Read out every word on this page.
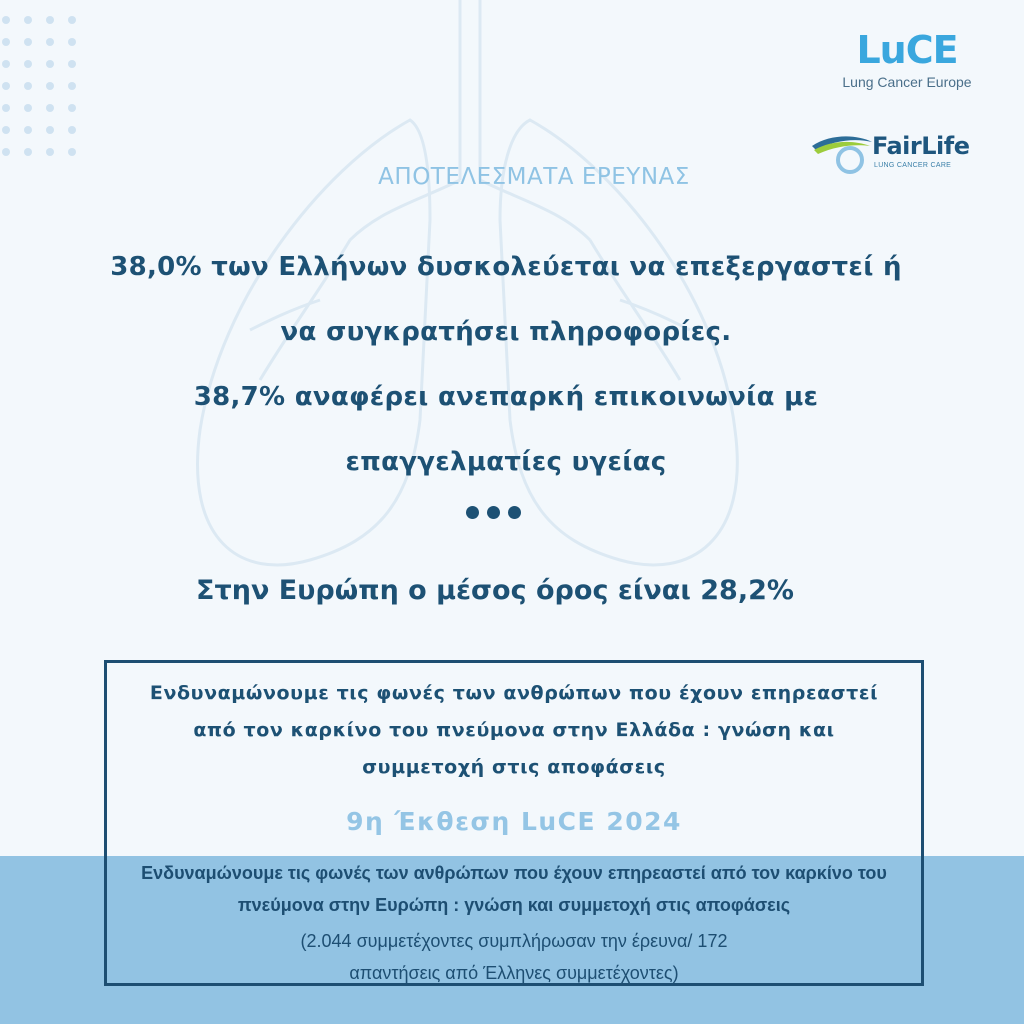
LuCE
Lung Cancer Europe
FairLife
LUNG CANCER CARE
ΑΠΟΤΕΛΕΣΜΑΤΑ ΕΡΕΥΝΑΣ
38,0% των Ελλήνων δυσκολεύεται να επεξεργαστεί ή
να συγκρατήσει πληροφορίες.
38,7% αναφέρει ανεπαρκή επικοινωνία με
επαγγελματίες υγείας
Στην Ευρώπη ο μέσος όρος είναι 28,2%
Ενδυναμώνουμε τις φωνές των ανθρώπων που έχουν επηρεαστεί
από τον καρκίνο του πνεύμονα στην Ελλάδα : γνώση και
συμμετοχή στις αποφάσεις
9η Έκθεση LuCE 2024
Ενδυναμώνουμε τις φωνές των ανθρώπων που έχουν επηρεαστεί από τον καρκίνο του
πνεύμονα στην Ευρώπη : γνώση και συμμετοχή στις αποφάσεις
(2.044 συμμετέχοντες συμπλήρωσαν την έρευνα/ 172
απαντήσεις από Έλληνες συμμετέχοντες)
